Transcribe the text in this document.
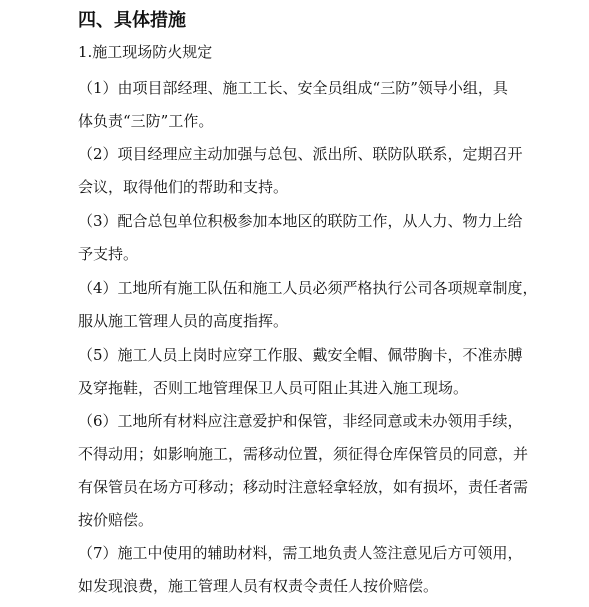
四、具体措施
1.施工现场防火规定
（1）由项目部经理、施工工长、安全员组成“三防”领导小组，具
体负责“三防”工作。
（2）项目经理应主动加强与总包、派出所、联防队联系，定期召开
会议，取得他们的帮助和支持。
（3）配合总包单位积极参加本地区的联防工作，从人力、物力上给
予支持。
（4）工地所有施工队伍和施工人员必须严格执行公司各项规章制度，
服从施工管理人员的高度指挥。
（5）施工人员上岗时应穿工作服、戴安全帽、佩带胸卡，不准赤膊
及穿拖鞋，否则工地管理保卫人员可阻止其进入施工现场。
（6）工地所有材料应注意爱护和保管，非经同意或未办领用手续，
不得动用；如影响施工，需移动位置，须征得仓库保管员的同意，并
有保管员在场方可移动；移动时注意轻拿轻放，如有损坏，责任者需
按价赔偿。
（7）施工中使用的辅助材料，需工地负责人签注意见后方可领用，
如发现浪费，施工管理人员有权责令责任人按价赔偿。
